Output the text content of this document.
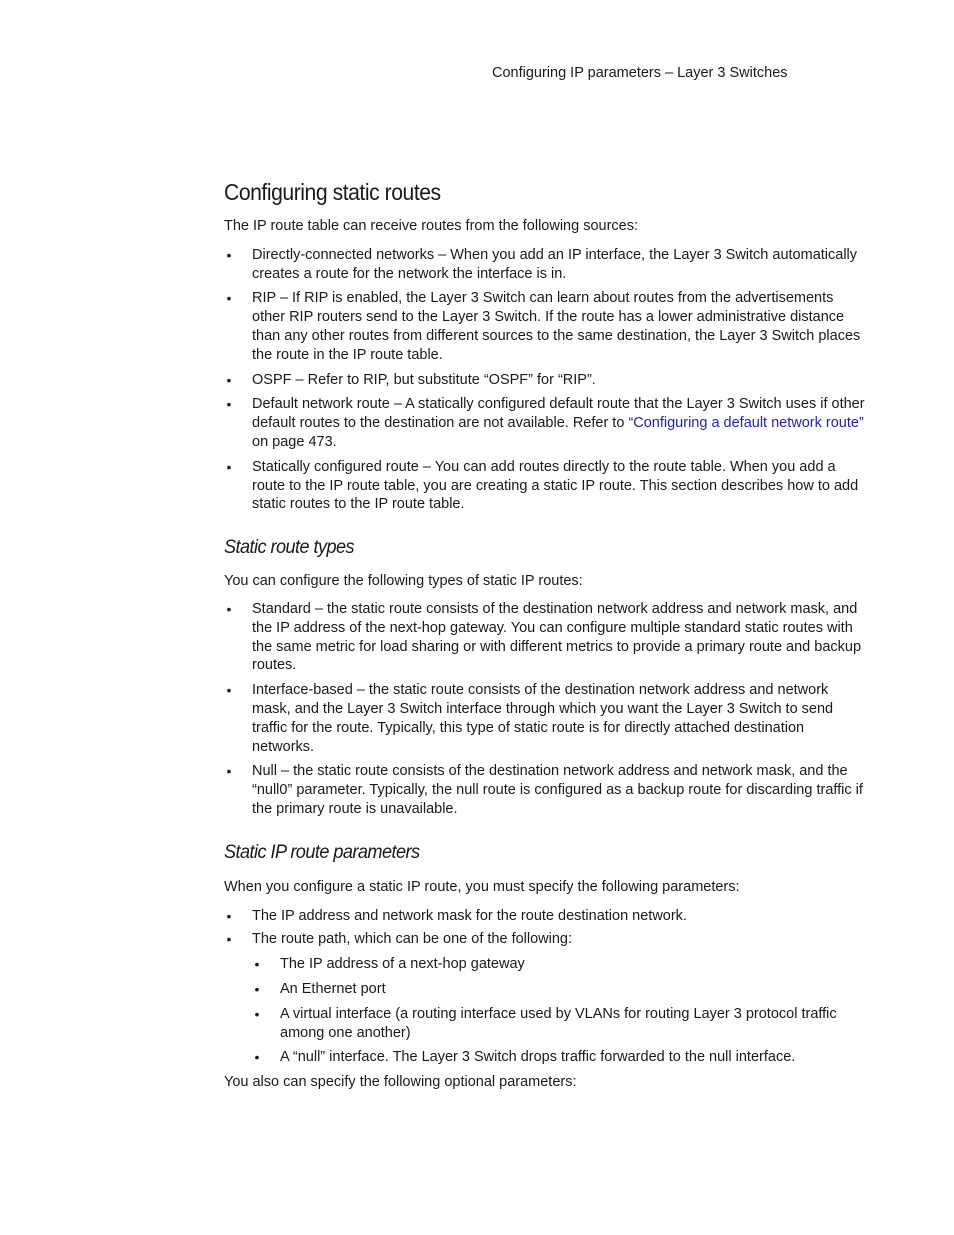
Configuring IP parameters – Layer 3 Switches
Configuring static routes

The IP route table can receive routes from the following sources:

• Directly-connected networks – When you add an IP interface, the Layer 3 Switch automatically creates a route for the network the interface is in.
• RIP – If RIP is enabled, the Layer 3 Switch can learn about routes from the advertisements other RIP routers send to the Layer 3 Switch. If the route has a lower administrative distance than any other routes from different sources to the same destination, the Layer 3 Switch places the route in the IP route table.
• OSPF – Refer to RIP, but substitute “OSPF” for “RIP”.
• Default network route – A statically configured default route that the Layer 3 Switch uses if other default routes to the destination are not available. Refer to “Configuring a default network route” on page 473.
• Statically configured route – You can add routes directly to the route table. When you add a route to the IP route table, you are creating a static IP route. This section describes how to add static routes to the IP route table.
Static route types

You can configure the following types of static IP routes:

• Standard – the static route consists of the destination network address and network mask, and the IP address of the next-hop gateway. You can configure multiple standard static routes with the same metric for load sharing or with different metrics to provide a primary route and backup routes.
• Interface-based – the static route consists of the destination network address and network mask, and the Layer 3 Switch interface through which you want the Layer 3 Switch to send traffic for the route. Typically, this type of static route is for directly attached destination networks.
• Null – the static route consists of the destination network address and network mask, and the “null0” parameter. Typically, the null route is configured as a backup route for discarding traffic if the primary route is unavailable.
Static IP route parameters

When you configure a static IP route, you must specify the following parameters:

• The IP address and network mask for the route destination network.
• The route path, which can be one of the following:
• The IP address of a next-hop gateway
• An Ethernet port
• A virtual interface (a routing interface used by VLANs for routing Layer 3 protocol traffic among one another)
• A “null” interface. The Layer 3 Switch drops traffic forwarded to the null interface.

You also can specify the following optional parameters:
